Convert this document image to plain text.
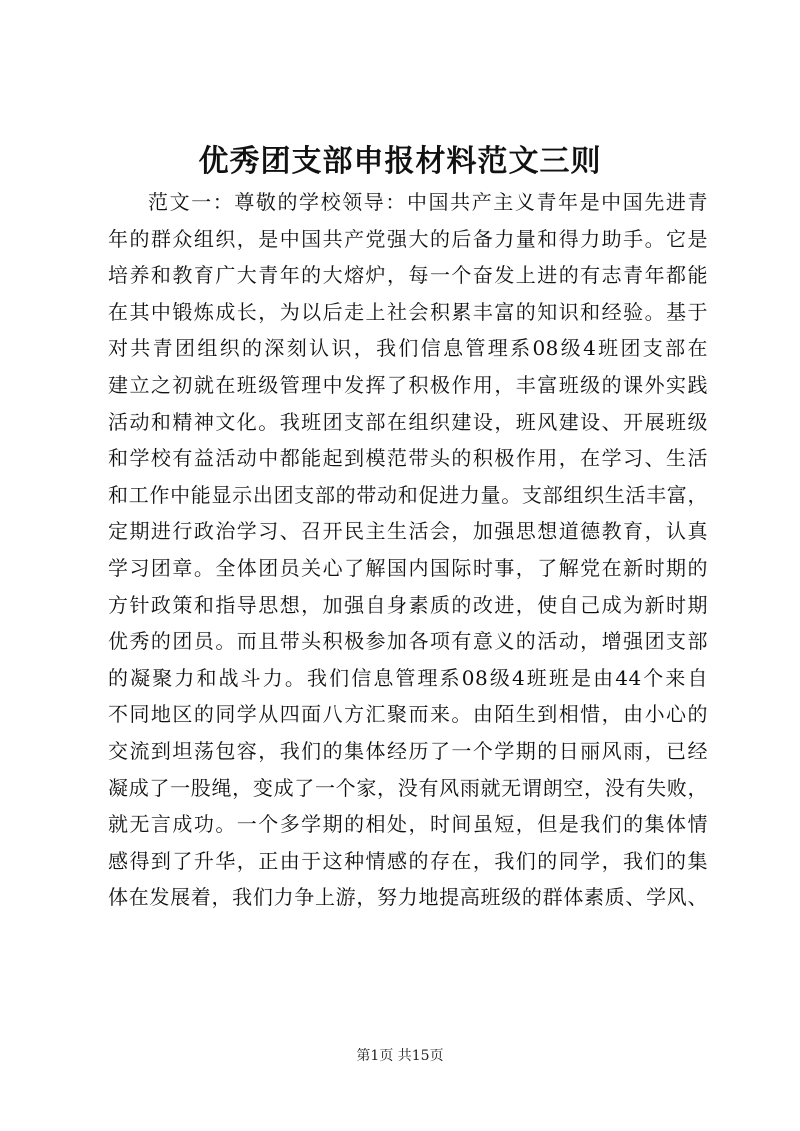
优秀团支部申报材料范文三则
范文一：尊敬的学校领导：中国共产主义青年是中国先进青
年的群众组织，是中国共产党强大的后备力量和得力助手。它是
培养和教育广大青年的大熔炉，每一个奋发上进的有志青年都能
在其中锻炼成长，为以后走上社会积累丰富的知识和经验。基于
对共青团组织的深刻认识，我们信息管理系08级4班团支部在
建立之初就在班级管理中发挥了积极作用，丰富班级的课外实践
活动和精神文化。我班团支部在组织建设，班风建设、开展班级
和学校有益活动中都能起到模范带头的积极作用，在学习、生活
和工作中能显示出团支部的带动和促进力量。支部组织生活丰富，
定期进行政治学习、召开民主生活会，加强思想道德教育，认真
学习团章。全体团员关心了解国内国际时事，了解党在新时期的
方针政策和指导思想，加强自身素质的改进，使自己成为新时期
优秀的团员。而且带头积极参加各项有意义的活动，增强团支部
的凝聚力和战斗力。我们信息管理系08级4班班是由44个来自
不同地区的同学从四面八方汇聚而来。由陌生到相惜，由小心的
交流到坦荡包容，我们的集体经历了一个学期的日丽风雨，已经
凝成了一股绳，变成了一个家，没有风雨就无谓朗空，没有失败，
就无言成功。一个多学期的相处，时间虽短，但是我们的集体情
感得到了升华，正由于这种情感的存在，我们的同学，我们的集
体在发展着，我们力争上游，努力地提高班级的群体素质、学风、
第1页 共15页
